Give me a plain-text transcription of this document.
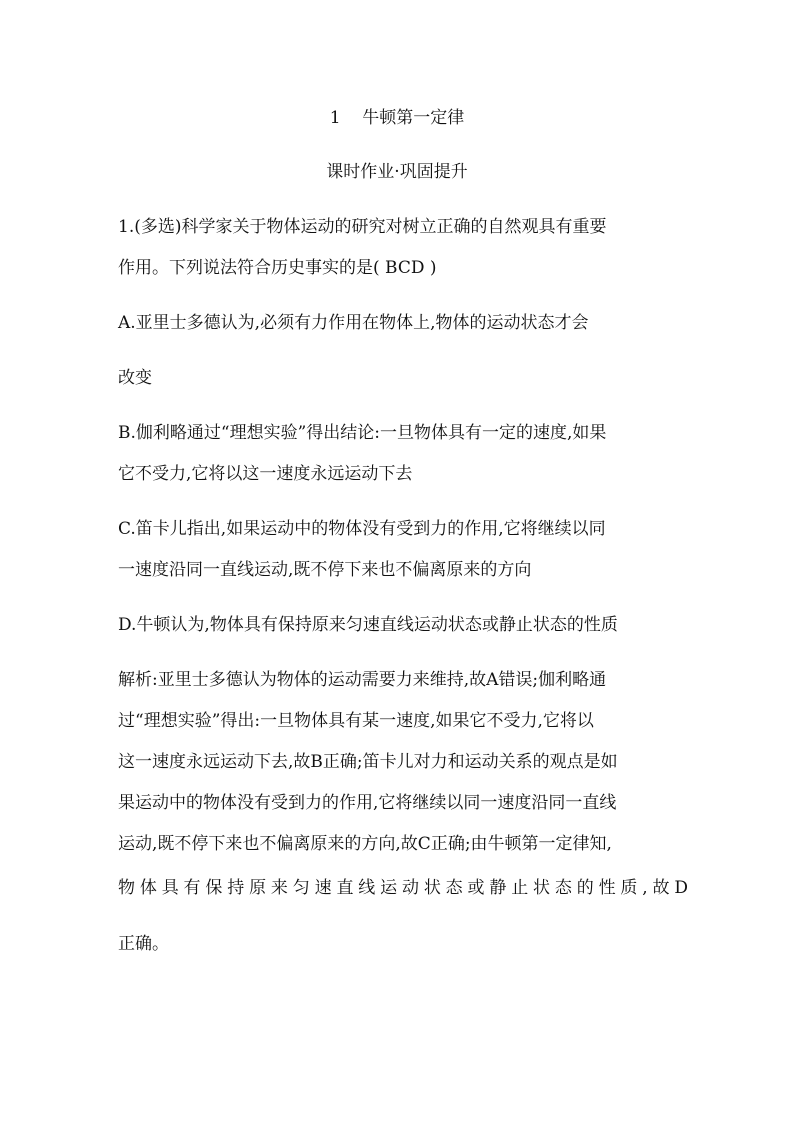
1    牛顿第一定律
课时作业·巩固提升
1.(多选)科学家关于物体运动的研究对树立正确的自然观具有重要
作用。下列说法符合历史事实的是( BCD )
A.亚里士多德认为,必须有力作用在物体上,物体的运动状态才会
改变
B.伽利略通过“理想实验”得出结论:一旦物体具有一定的速度,如果
它不受力,它将以这一速度永远运动下去
C.笛卡儿指出,如果运动中的物体没有受到力的作用,它将继续以同
一速度沿同一直线运动,既不停下来也不偏离原来的方向
D.牛顿认为,物体具有保持原来匀速直线运动状态或静止状态的性质
解析:亚里士多德认为物体的运动需要力来维持,故A错误;伽利略通
过“理想实验”得出:一旦物体具有某一速度,如果它不受力,它将以
这一速度永远运动下去,故B正确;笛卡儿对力和运动关系的观点是如
果运动中的物体没有受到力的作用,它将继续以同一速度沿同一直线
运动,既不停下来也不偏离原来的方向,故C正确;由牛顿第一定律知,
物体具有保持原来匀速直线运动状态或静止状态的性质,故D
正确。
